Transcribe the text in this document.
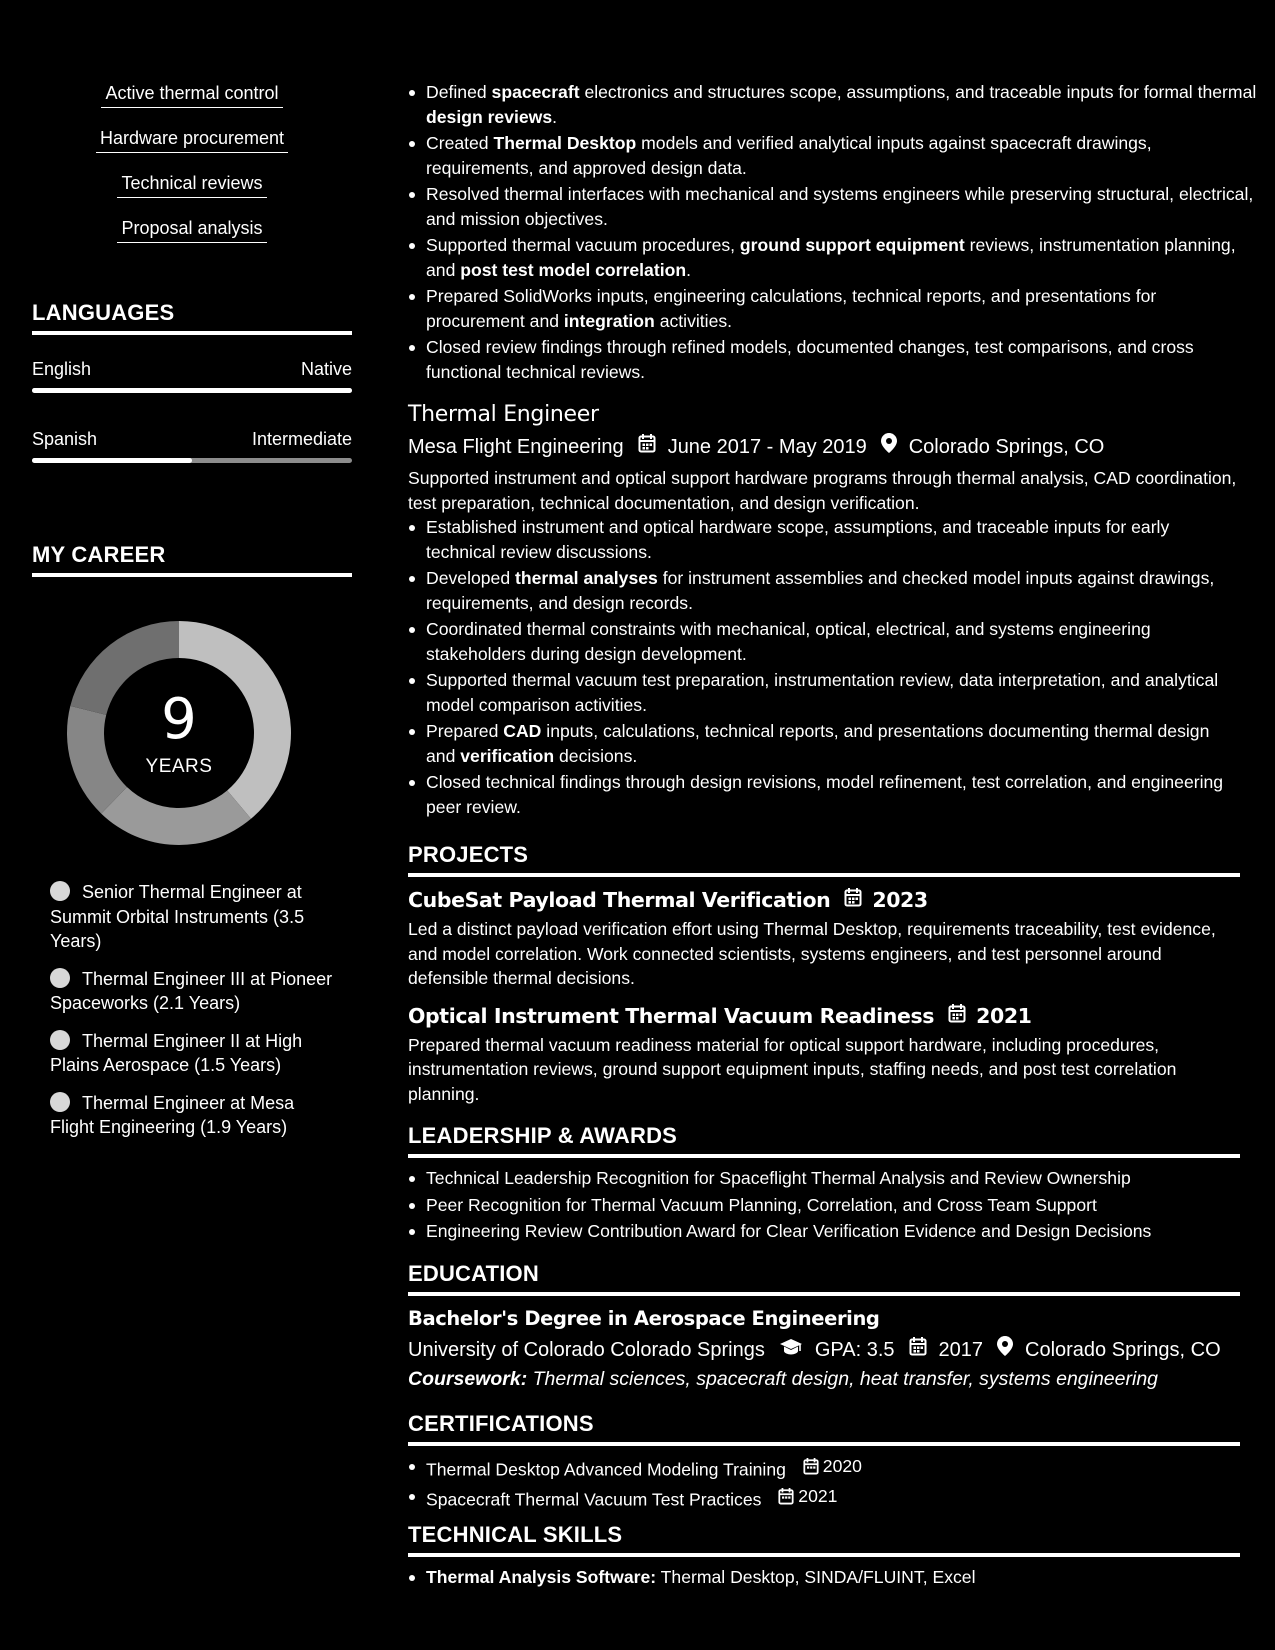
Active thermal control
Hardware procurement
Technical reviews
Proposal analysis
LANGUAGES
English	Native
Spanish	Intermediate
MY CAREER
9
YEARS
Senior Thermal Engineer at Summit Orbital Instruments (3.5 Years)
Thermal Engineer III at Pioneer Spaceworks (2.1 Years)
Thermal Engineer II at High Plains Aerospace (1.5 Years)
Thermal Engineer at Mesa Flight Engineering (1.9 Years)
Defined spacecraft electronics and structures scope, assumptions, and traceable inputs for formal thermal design reviews.
Created Thermal Desktop models and verified analytical inputs against spacecraft drawings, requirements, and approved design data.
Resolved thermal interfaces with mechanical and systems engineers while preserving structural, electrical, and mission objectives.
Supported thermal vacuum procedures, ground support equipment reviews, instrumentation planning, and post test model correlation.
Prepared SolidWorks inputs, engineering calculations, technical reports, and presentations for procurement and integration activities.
Closed review findings through refined models, documented changes, test comparisons, and cross functional technical reviews.
Thermal Engineer
Mesa Flight Engineering June 2017 - May 2019 Colorado Springs, CO
Supported instrument and optical support hardware programs through thermal analysis, CAD coordination, test preparation, technical documentation, and design verification.
Established instrument and optical hardware scope, assumptions, and traceable inputs for early technical review discussions.
Developed thermal analyses for instrument assemblies and checked model inputs against drawings, requirements, and design records.
Coordinated thermal constraints with mechanical, optical, electrical, and systems engineering stakeholders during design development.
Supported thermal vacuum test preparation, instrumentation review, data interpretation, and analytical model comparison activities.
Prepared CAD inputs, calculations, technical reports, and presentations documenting thermal design and verification decisions.
Closed technical findings through design revisions, model refinement, test correlation, and engineering peer review.
PROJECTS
CubeSat Payload Thermal Verification 2023
Led a distinct payload verification effort using Thermal Desktop, requirements traceability, test evidence, and model correlation. Work connected scientists, systems engineers, and test personnel around defensible thermal decisions.
Optical Instrument Thermal Vacuum Readiness 2021
Prepared thermal vacuum readiness material for optical support hardware, including procedures, instrumentation reviews, ground support equipment inputs, staffing needs, and post test correlation planning.
LEADERSHIP & AWARDS
Technical Leadership Recognition for Spaceflight Thermal Analysis and Review Ownership
Peer Recognition for Thermal Vacuum Planning, Correlation, and Cross Team Support
Engineering Review Contribution Award for Clear Verification Evidence and Design Decisions
EDUCATION
Bachelor's Degree in Aerospace Engineering
University of Colorado Colorado Springs	GPA: 3.5 2017 Colorado Springs, CO
Coursework: Thermal sciences, spacecraft design, heat transfer, systems engineering
CERTIFICATIONS
Thermal Desktop Advanced Modeling Training 2020
Spacecraft Thermal Vacuum Test Practices 2021
TECHNICAL SKILLS
Thermal Analysis Software: Thermal Desktop, SINDA/FLUINT, Excel
